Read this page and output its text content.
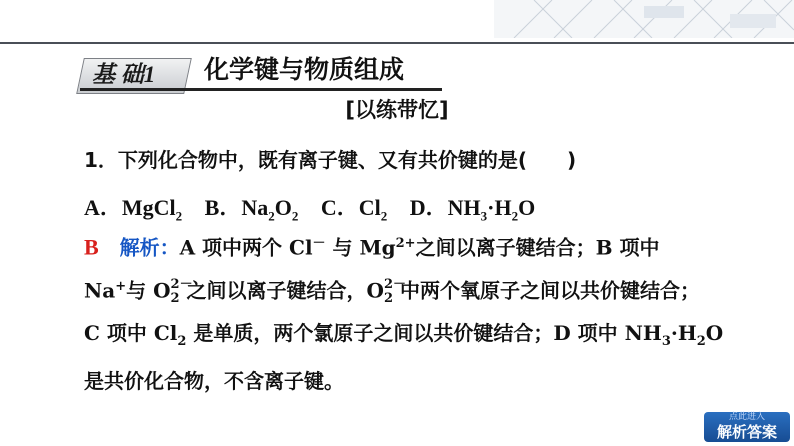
基 础1	化学键与物质组成
[以练带忆]
1．下列化合物中，既有离子键、又有共价键的是(　　)
A．MgCl$_2$ B．$Na_2O_2$ C．$Cl_2$ D．$NH_3\cdot H_2O$
B 解析：A 项中两个 Cl－ 与 $Mg^{2+}$之间以离子键结合；B 项中
Na+与 O 2－
2 之间以离子键结合，O 2－
2 中两个氧原子之间以共价键结合；
C 项中 $Cl_2$ 是单质，两个氯原子之间以共价键结合；D 项中 $NH_3\cdot H_2O$
是共价化合物，不含离子键。
点此进入
解析答案
